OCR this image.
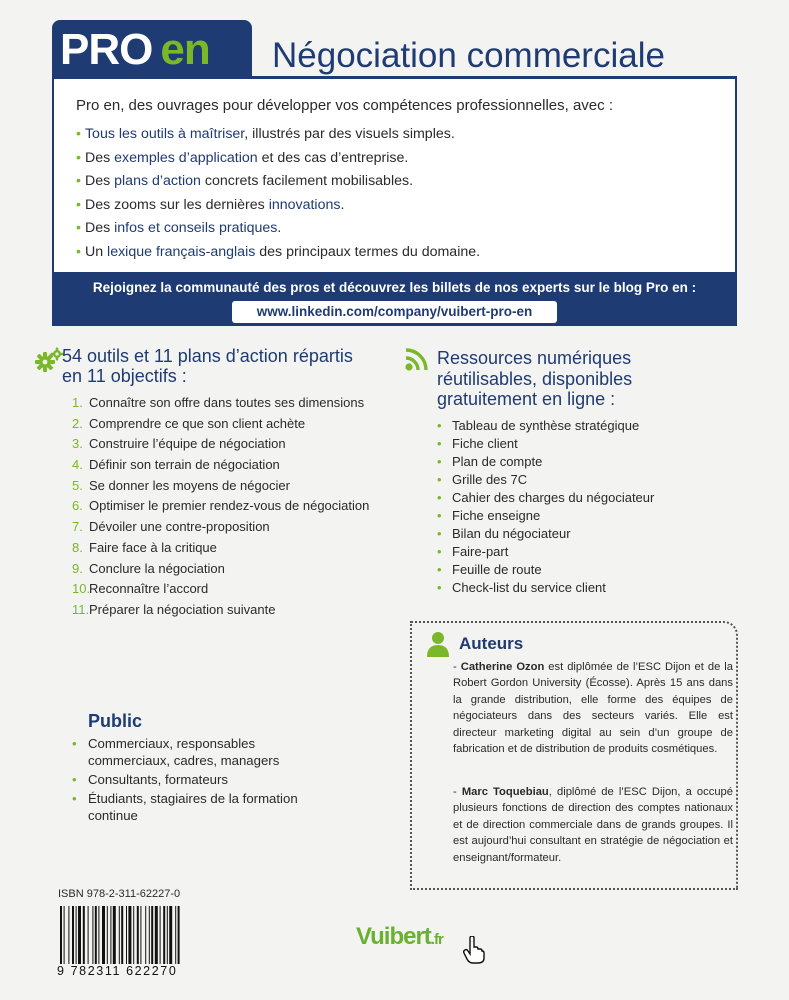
PRO en Négociation commerciale
Pro en, des ouvrages pour développer vos compétences professionnelles, avec :
• Tous les outils à maîtriser, illustrés par des visuels simples.
• Des exemples d’application et des cas d’entreprise.
• Des plans d’action concrets facilement mobilisables.
• Des zooms sur les dernières innovations.
• Des infos et conseils pratiques.
• Un lexique français-anglais des principaux termes du domaine.
Rejoignez la communauté des pros et découvrez les billets de nos experts sur le blog Pro en :
www.linkedin.com/company/vuibert-pro-en
54 outils et 11 plans d’action répartis en 11 objectifs :
1. Connaître son offre dans toutes ses dimensions
2. Comprendre ce que son client achète
3. Construire l’équipe de négociation
4. Définir son terrain de négociation
5. Se donner les moyens de négocier
6. Optimiser le premier rendez-vous de négociation
7. Dévoiler une contre-proposition
8. Faire face à la critique
9. Conclure la négociation
10.
Reconnaître l’accord
11. Préparer la négociation suivante
Public
• Commerciaux, responsables commerciaux, cadres, managers
• Consultants, formateurs
• Étudiants, stagiaires de la formation continue
Ressources numériques réutilisables, disponibles gratuitement en ligne :
• Tableau de synthèse stratégique
• Fiche client
• Plan de compte
• Grille des 7C
• Cahier des charges du négociateur
• Fiche enseigne
• Bilan du négociateur
• Faire-part
• Feuille de route
• Check-list du service client
Auteurs

- Catherine Ozon est diplômée de l’ESC Dijon et de la Robert Gordon University (Écosse). Après 15 ans dans la grande distribution, elle forme des équipes de négociateurs dans des secteurs variés. Elle est directeur marketing digital au sein d’un groupe de fabrication et de distribution de produits cosmétiques.

- Marc Toquebiau, diplômé de l’ESC Dijon, a occupé plusieurs fonctions de direction des comptes nationaux et de direction commerciale dans de grands groupes. Il est aujourd’hui consultant en stratégie de négociation et enseignant/formateur.

ISBN 978-2-311-62227-0
9 782311 622270
Vuibert.fr
